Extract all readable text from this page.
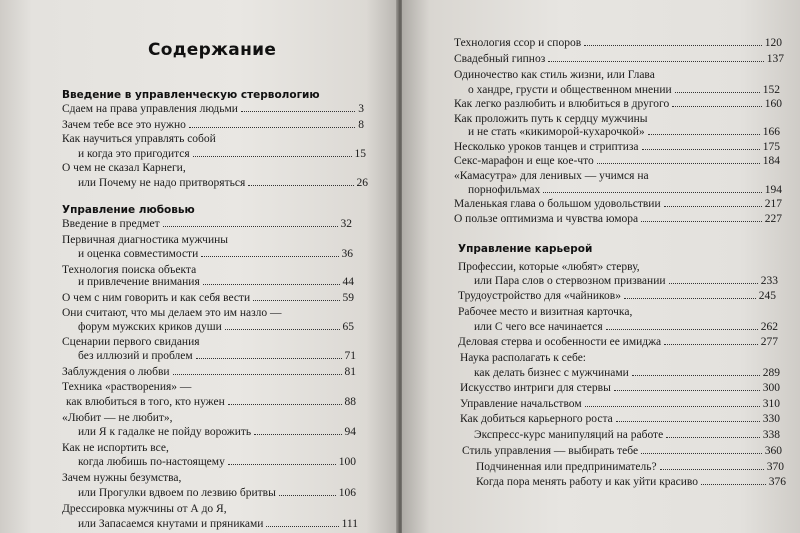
Содержание
Введение в управленческую стервологию
Сдаем на права управления людьми	3
Зачем тебе все это нужно	8
Как научиться управлять собой
и когда это пригодится	15
О чем не сказал Карнеги,
или Почему не надо притворяться	26
Управление любовью
Введение в предмет	32
Первичная диагностика мужчины
и оценка совместимости	36
Технология поиска объекта
и привлечение внимания	44
О чем с ним говорить и как себя вести	59
Они считают, что мы делаем это им назло —
форум мужских криков души	65
Сценарии первого свидания
без иллюзий и проблем	71
Заблуждения о любви	81
Техника «растворения» —
как влюбиться в того, кто нужен	88
«Любит — не любит»,
или Я к гадалке не пойду ворожить	94
Как не испортить все,
когда любишь по-настоящему	100
Зачем нужны безумства,
или Прогулки вдвоем по лезвию бритвы	106
Дрессировка мужчины от А до Я,
или Запасаемся кнутами и пряниками	111
Технология ссор и споров	120
Свадебный гипноз	137
Одиночество как стиль жизни, или Глава
о хандре, грусти и общественном мнении	152
Как легко разлюбить и влюбиться в другого	160
Как проложить путь к сердцу мужчины
и не стать «кикиморой-кухарочкой»	166
Несколько уроков танцев и стриптиза	175
Секс-марафон и еще кое-что	184
«Камасутра» для ленивых — учимся на
порнофильмах	194
Маленькая глава о большом удовольствии	217
О пользе оптимизма и чувства юмора	227
Управление карьерой
Профессии, которые «любят» стерву,
или Пара слов о стервозном призвании	233
Трудоустройство для «чайников»	245
Рабочее место и визитная карточка,
или С чего все начинается	262
Деловая стерва и особенности ее имиджа	277
Наука располагать к себе:
как делать бизнес с мужчинами	289
Искусство интриги для стервы	300
Управление начальством	310
Как добиться карьерного роста	330
Экспресс-курс манипуляций на работе	338
Стиль управления — выбирать тебе	360
Подчиненная или предприниматель?	370
Когда пора менять работу и как уйти красиво	376
